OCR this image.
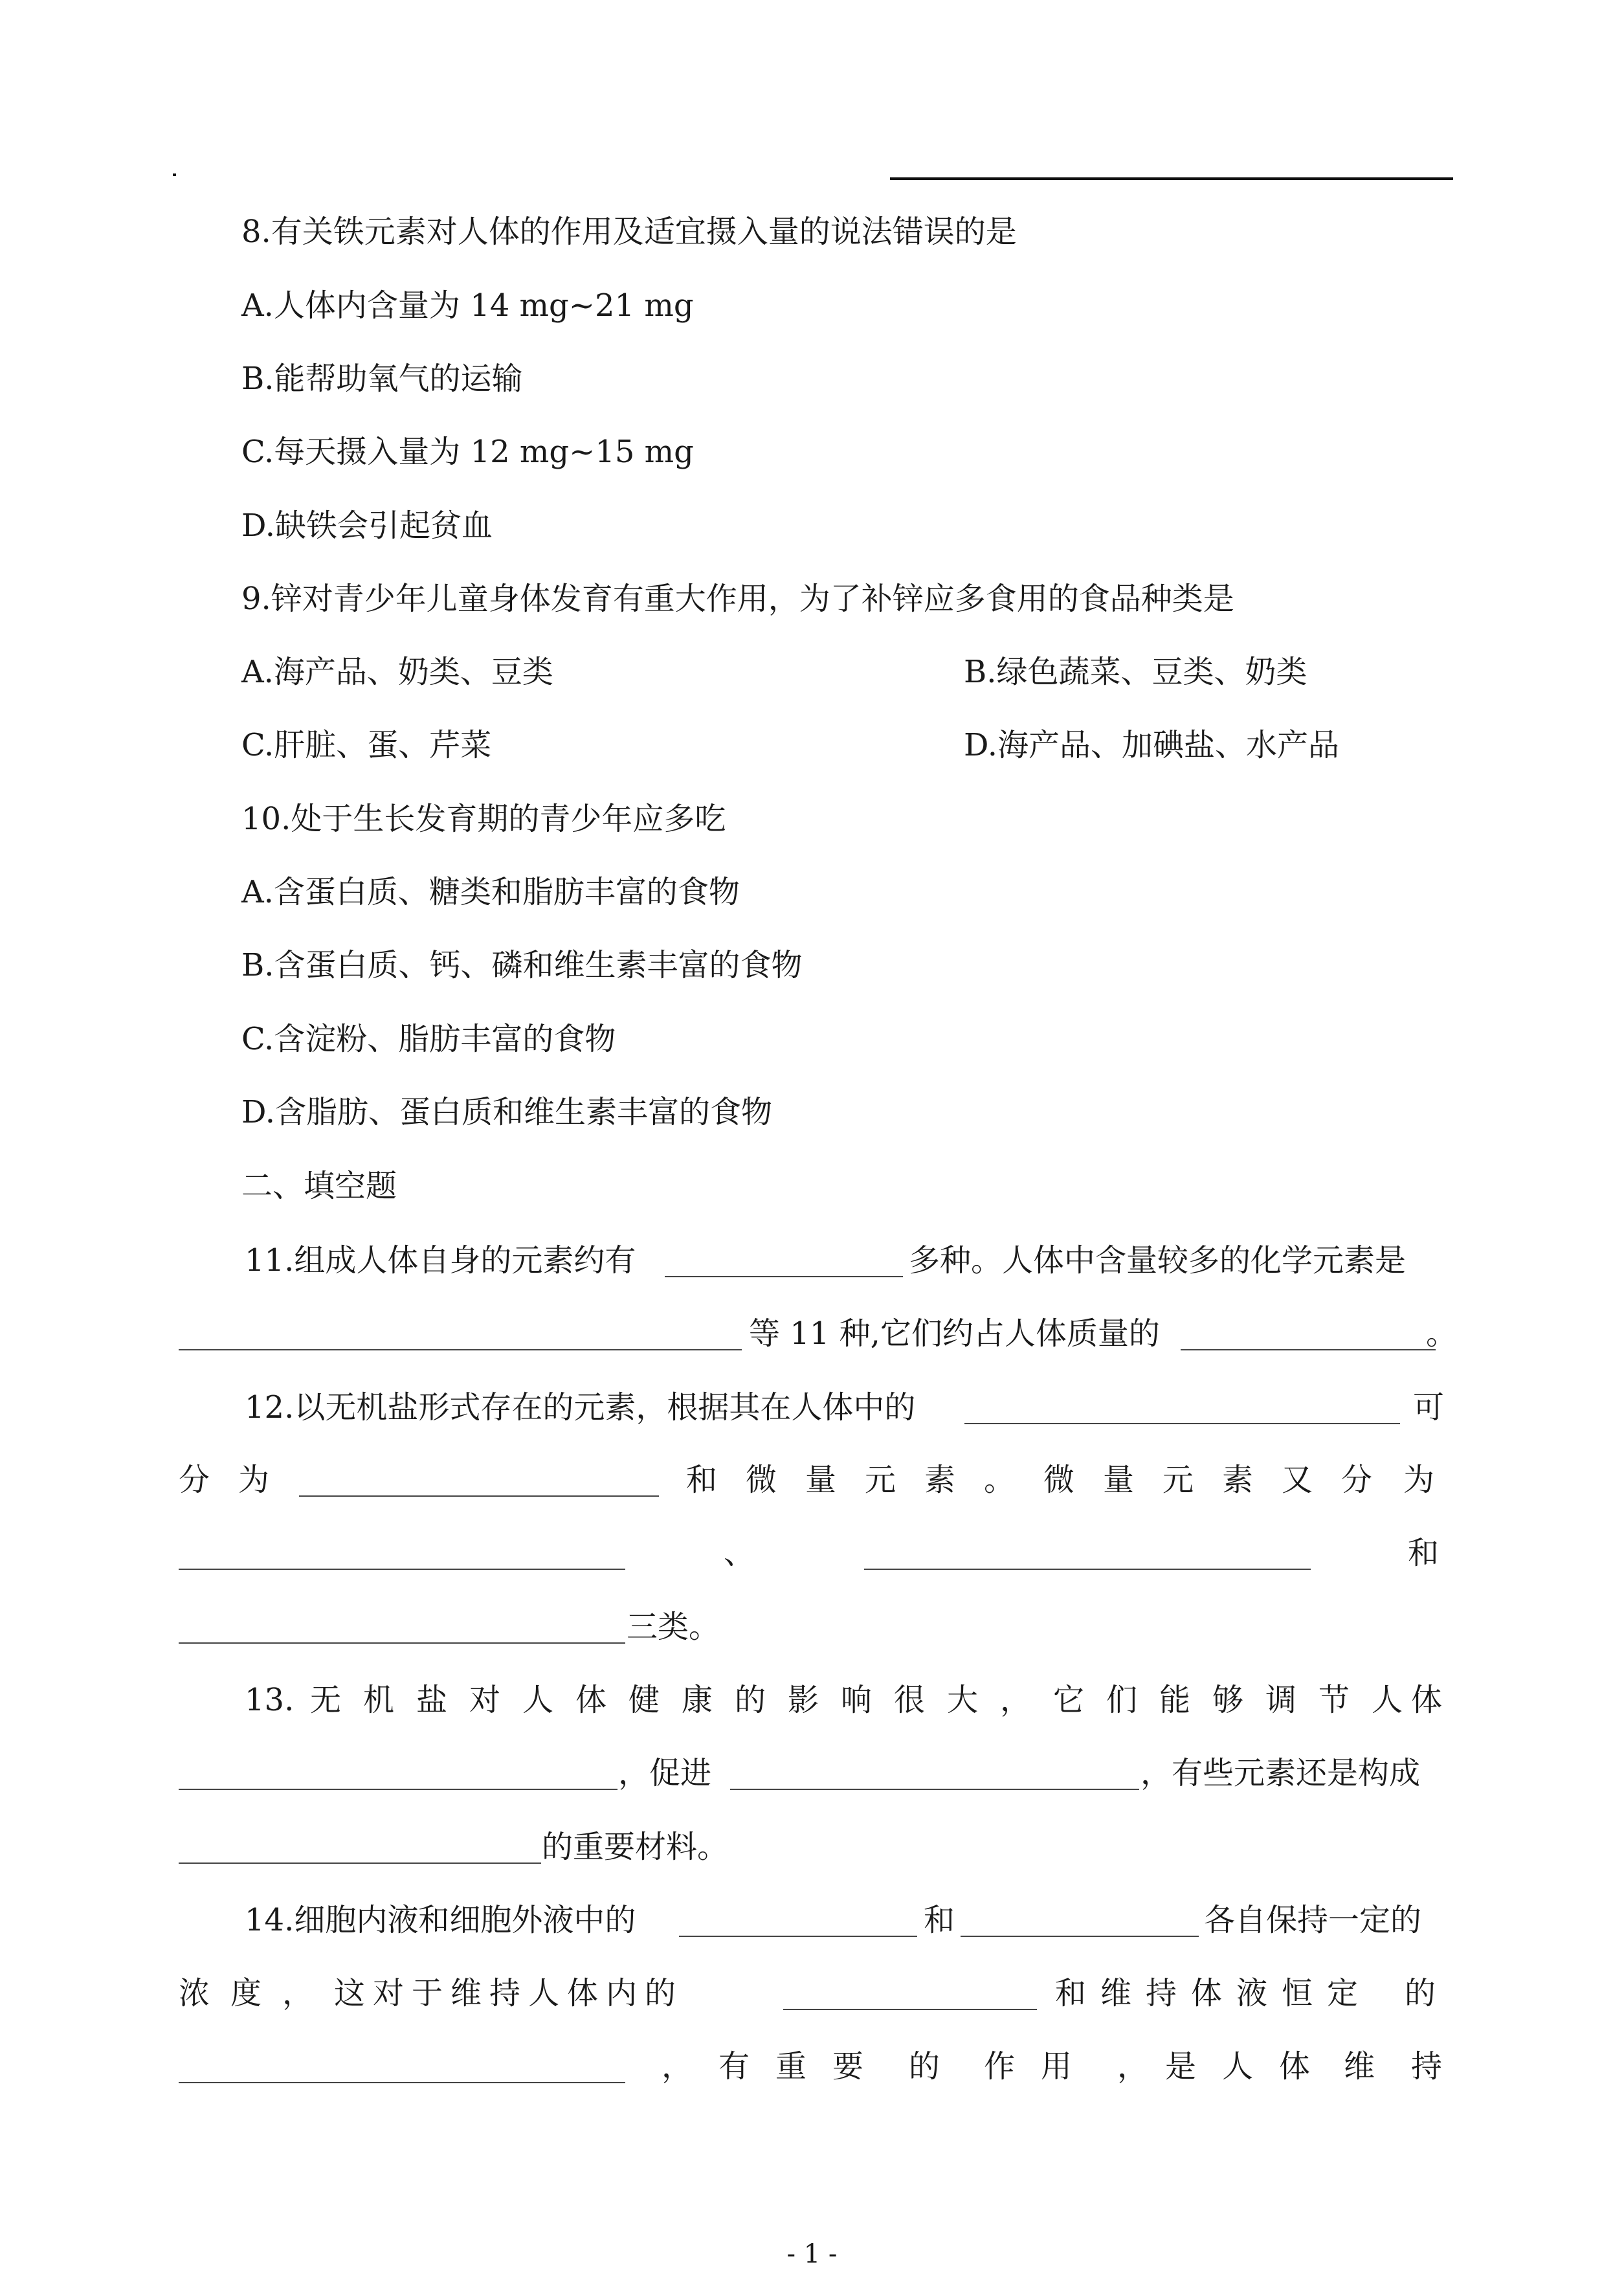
8.有关铁元素对人体的作用及适宜摄入量的说法错误的是
A.人体内含量为 14 mg~21 mg
B.能帮助氧气的运输
C.每天摄入量为 12 mg~15 mg
D.缺铁会引起贫血
9.锌对青少年儿童身体发育有重大作用，为了补锌应多食用的食品种类是
A.海产品、奶类、豆类	B.绿色蔬菜、豆类、奶类
C.肝脏、蛋、芹菜	D.海产品、加碘盐、水产品
10.处于生长发育期的青少年应多吃
A.含蛋白质、糖类和脂肪丰富的食物
B.含蛋白质、钙、磷和维生素丰富的食物
C.含淀粉、脂肪丰富的食物
D.含脂肪、蛋白质和维生素丰富的食物
二、填空题
11.组成人体自身的元素约有	多种。人体中含量较多的化学元素是
等 11 种,它们约占人体质量的	。
12.以无机盐形式存在的元素，根据其在人体中的	可
分 为	和 微 量 元 素 。 微 量 元 素 又 分 为
、	和
三类。
13. 无 机 盐 对 人 体 健 康 的 影 响 很 大 ， 它 们 能 够 调 节 人 体
，促进	，有些元素还是构成
的重要材料。
14.细胞内液和细胞外液中的	和	各自保持一定的
浓 度 ， 这 对 于 维 持 人 体 内 的	和 维 持 体 液 恒 定 的
， 有 重 要 的 作 用 ， 是 人 体 维 持
- 1 -
